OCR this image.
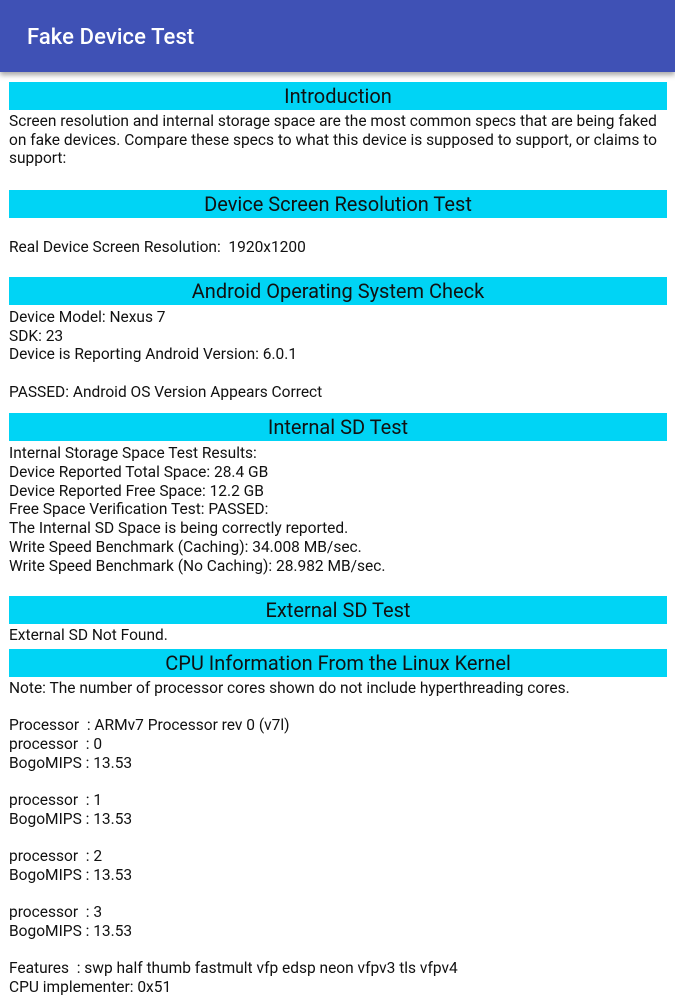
Fake Device Test
Introduction

Screen resolution and internal storage space are the most common specs that are being faked on fake devices. Compare these specs to what this device is supposed to support, or claims to support:

Device Screen Resolution Test

Real Device Screen Resolution:  1920x1200

Android Operating System Check

Device Model: Nexus 7

SDK: 23

Device is Reporting Android Version: 6.0.1

PASSED: Android OS Version Appears Correct

Internal SD Test

Internal Storage Space Test Results:

Device Reported Total Space: 28.4 GB

Device Reported Free Space: 12.2 GB

Free Space Verification Test: PASSED:

The Internal SD Space is being correctly reported.

Write Speed Benchmark (Caching): 34.008 MB/sec.

Write Speed Benchmark (No Caching): 28.982 MB/sec.

External SD Test

External SD Not Found.

CPU Information From the Linux Kernel

Note: The number of processor cores shown do not include hyperthreading cores.

Processor  : ARMv7 Processor rev 0 (v7l)

processor  : 0

BogoMIPS : 13.53

processor  : 1

BogoMIPS : 13.53

processor  : 2

BogoMIPS : 13.53

processor  : 3

BogoMIPS : 13.53

Features  : swp half thumb fastmult vfp edsp neon vfpv3 tls vfpv4

CPU implementer: 0x51
